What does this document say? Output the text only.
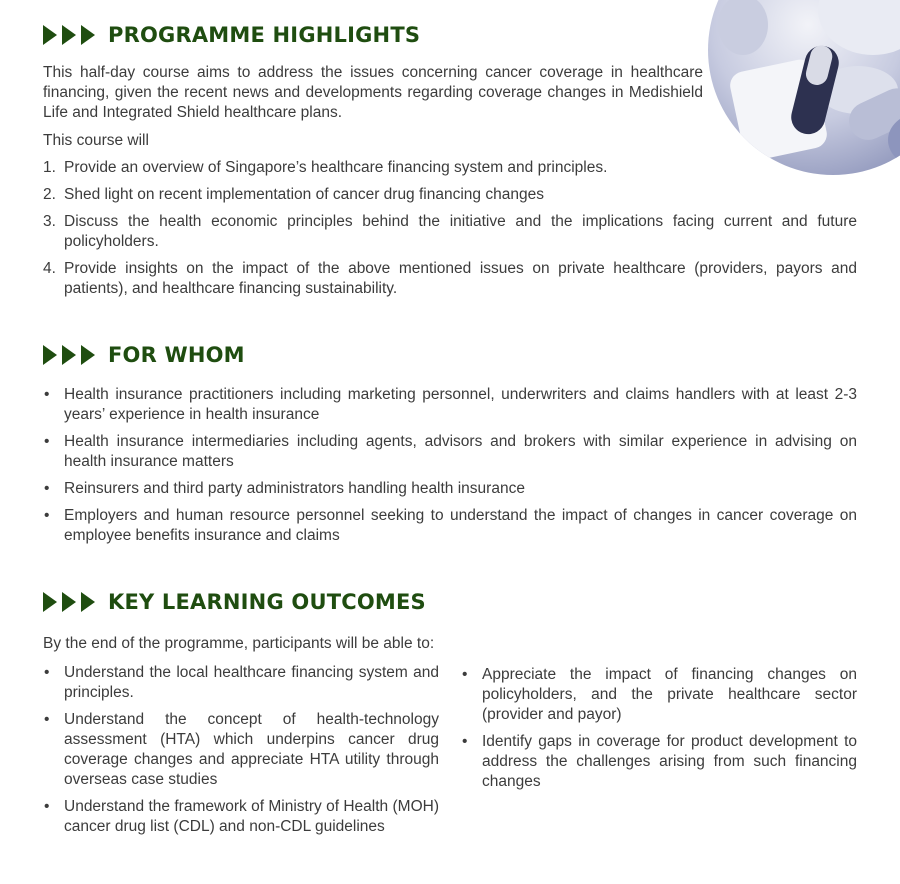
PROGRAMME HIGHLIGHTS
This half-day course aims to address the issues concerning cancer coverage in healthcare financing, given the recent news and developments regarding coverage changes in Medishield Life and Integrated Shield healthcare plans.
This course will
1. Provide an overview of Singapore’s healthcare financing system and principles.
2. Shed light on recent implementation of cancer drug financing changes
3. Discuss the health economic principles behind the initiative and the implications facing current and future policyholders.
4. Provide insights on the impact of the above mentioned issues on private healthcare (providers, payors and patients), and healthcare financing sustainability.
FOR WHOM
• Health insurance practitioners including marketing personnel, underwriters and claims handlers with at least 2-3 years’ experience in health insurance
• Health insurance intermediaries including agents, advisors and brokers with similar experience in advising on health insurance matters
• Reinsurers and third party administrators handling health insurance
• Employers and human resource personnel seeking to understand the impact of changes in cancer coverage on employee benefits insurance and claims
KEY LEARNING OUTCOMES
By the end of the programme, participants will be able to:
• Understand the local healthcare financing system and principles.
• Understand the concept of health-technology assessment (HTA) which underpins cancer drug coverage changes and appreciate HTA utility through overseas case studies
• Understand the framework of Ministry of Health (MOH) cancer drug list (CDL) and non-CDL guidelines
• Appreciate the impact of financing changes on policyholders, and the private healthcare sector (provider and payor)
• Identify gaps in coverage for product development to address the challenges arising from such financing changes
